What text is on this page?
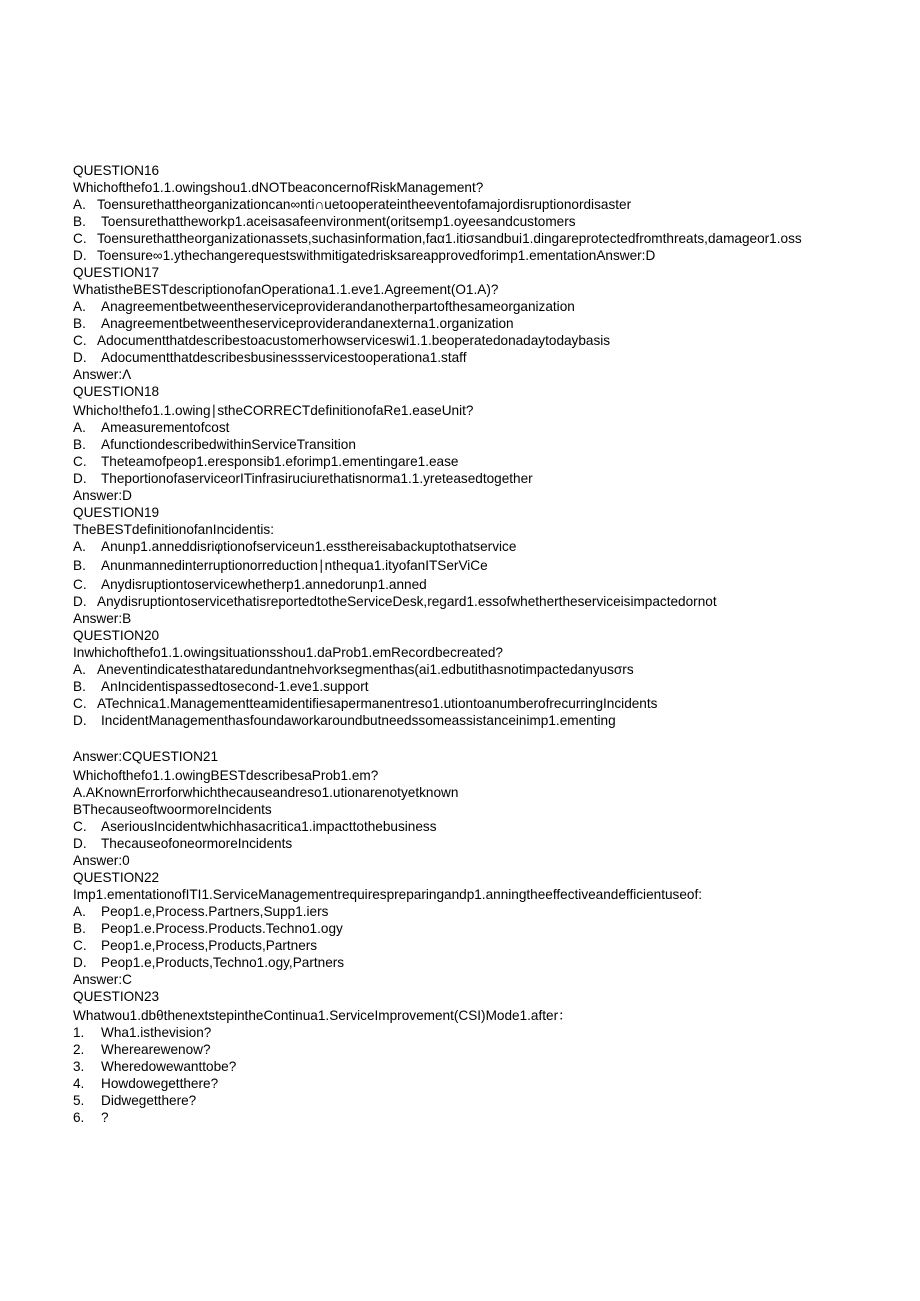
QUESTION16
Whichofthefo1.1.owingshou1.dNOTbeaconcernofRiskManagement?
A. Toensurethattheorganizationcan∞nti∩uetooperateintheeventofamajordisruptionordisaster
B.	Toensurethattheworkp1.aceisasafeenvironment(oritsemp1.oyeesandcustomers
C. Toensurethattheorganizationassets,suchasinformation,faα1.itiσsandbui1.dingareprotectedfromthreats,damageor1.oss
D. Toensure∞1.ythechangerequestswithmitigatedrisksareapprovedforimp1.ementationAnswer:D
QUESTION17
WhatistheBESTdescriptionofanOperationa1.1.eve1.Agreement(O1.A)?
A.	Anagreementbetweentheserviceproviderandanotherpartofthesameorganization
B.	Anagreementbetweentheserviceproviderandanexterna1.organization
C. Adocumentthatdescribestoacustomerhowserviceswi1.1.beoperatedonadaytodaybasis
D.	Adocumentthatdescribesbusinessservicestooperationa1.staff
Answer:Λ
QUESTION18
Whicho!thefo1.1.owing∣stheCORRECTdefinitionofaRe1.easeUnit?
A.	Ameasurementofcost
B.	AfunctiondescribedwithinServiceTransition
C.	Theteamofpeop1.eresponsib1.eforimp1.ementingare1.ease
D.	TheportionofaserviceorITinfrasiruciurethatisnorma1.1.yreteasedtogether
Answer:D
QUESTION19
TheBESTdefinitionofanIncidentis:
A.	Anunp1.anneddisriφtionofserviceun1.essthereisabackuptothatservice
B.	Anunmannedinterruptionorreduction∣nthequa1.ityofanITSerViCe
C.	Anydisruptiontoservicewhetherp1.annedorunp1.anned
D. AnydisruptiontoservicethatisreportedtotheServiceDesk,regard1.essofwhethertheserviceisimpactedornot
Answer:B
QUESTION20
Inwhichofthefo1.1.owingsituationsshou1.daProb1.emRecordbecreated?
A. Aneventindicatesthataredundantnehvorksegmenthas(ai1.edbutithasnotimpactedanyusσrs
B.	AnIncidentispassedtosecond-1.eve1.support
C. ATechnica1.Managementteamidentifiesapermanentreso1.utiontoanumberofrecurringIncidents
D.	IncidentManagementhasfoundaworkaroundbutneedssomeassistanceinimp1.ementing
Answer:CQUESTION21
Whichofthefo1.1.owingBESTdescribesaProb1.em?
A.AKnownErrorforwhichthecauseandreso1.utionarenotyetknown
BThecauseoftwoormoreIncidents
C.	AseriousIncidentwhichhasacritica1.impacttothebusiness
D.	ThecauseofoneormoreIncidents
Answer:0
QUESTION22
Imp1.ementationofITI1.ServiceManagementrequirespreparingandp1.anningtheeffectiveandefficientuseof:
A.	Peop1.e,Process.Partners,Supp1.iers
B.	Peop1.e.Process.Products.Techno1.ogy
C.	Peop1.e,Process,Products,Partners
D.	Peop1.e,Products,Techno1.ogy,Partners
Answer:C
QUESTION23
Whatwou1.dbθthenextstepintheContinua1.ServiceImprovement(CSI)Mode1.after：
1.	Wha1.isthevision?
2.	Wherearewenow?
3.	Wheredowewanttobe?
4.	Howdowegetthere?
5.	Didwegetthere?
6.	?
